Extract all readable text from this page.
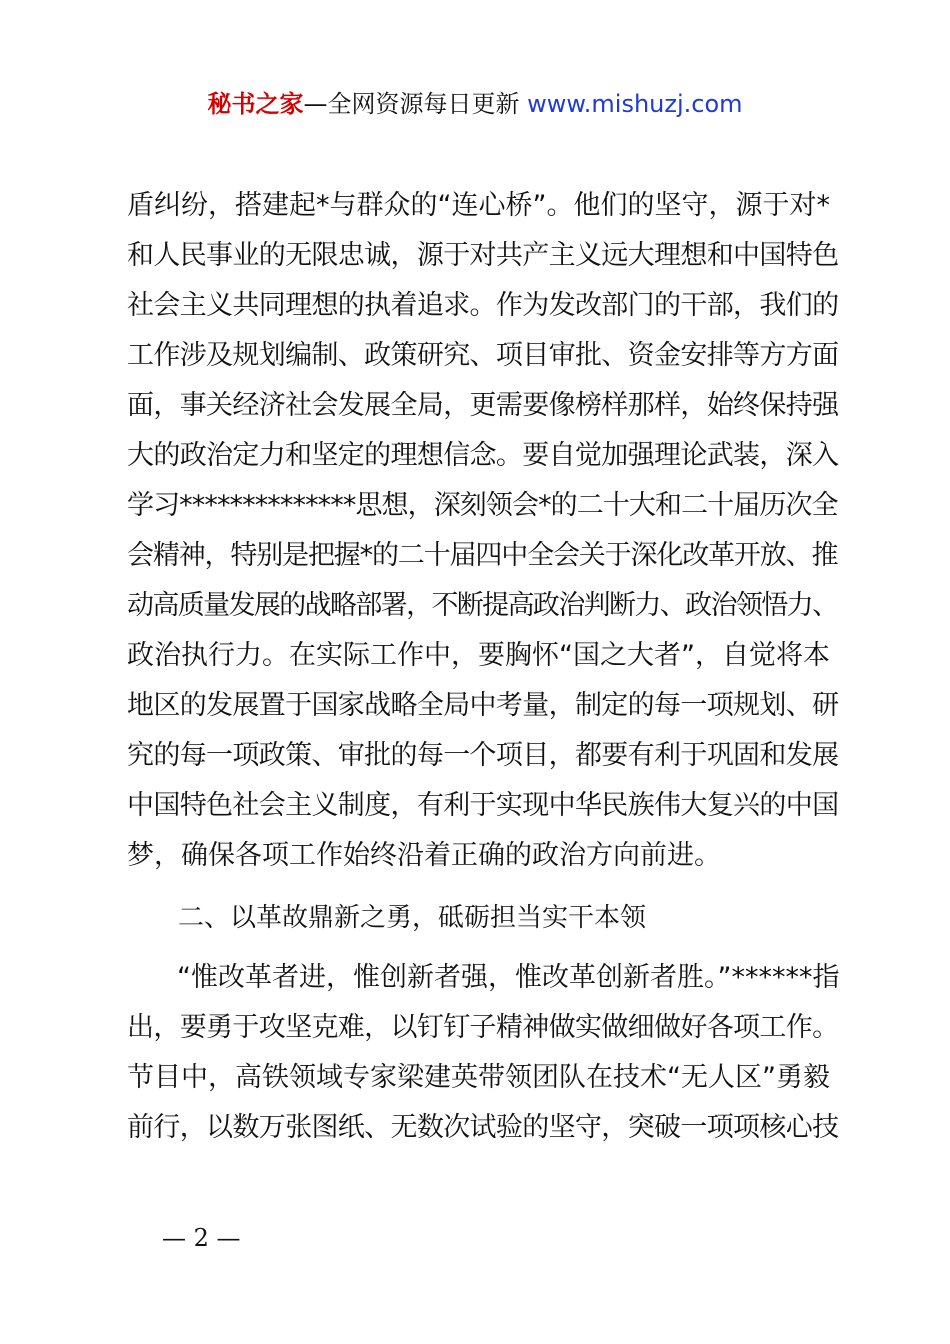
秘书之家—全网资源每日更新 www.mishuzj.com
盾纠纷，搭建起*与群众的“连心桥”。他们的坚守，源于对*
和人民事业的无限忠诚，源于对共产主义远大理想和中国特色
社会主义共同理想的执着追求。作为发改部门的干部，我们的
工作涉及规划编制、政策研究、项目审批、资金安排等方方面
面，事关经济社会发展全局，更需要像榜样那样，始终保持强
大的政治定力和坚定的理想信念。要自觉加强理论武装，深入
学习**************思想，深刻领会*的二十大和二十届历次全
会精神，特别是把握*的二十届四中全会关于深化改革开放、推
动高质量发展的战略部署，不断提高政治判断力、政治领悟力、
政治执行力。在实际工作中，要胸怀“国之大者”，自觉将本
地区的发展置于国家战略全局中考量，制定的每一项规划、研
究的每一项政策、审批的每一个项目，都要有利于巩固和发展
中国特色社会主义制度，有利于实现中华民族伟大复兴的中国
梦，确保各项工作始终沿着正确的政治方向前进。
二、以革故鼎新之勇，砥砺担当实干本领
“惟改革者进，惟创新者强，惟改革创新者胜。”******指
出，要勇于攻坚克难，以钉钉子精神做实做细做好各项工作。
节目中，高铁领域专家梁建英带领团队在技术“无人区”勇毅
前行，以数万张图纸、无数次试验的坚守，突破一项项核心技
— 2 —
